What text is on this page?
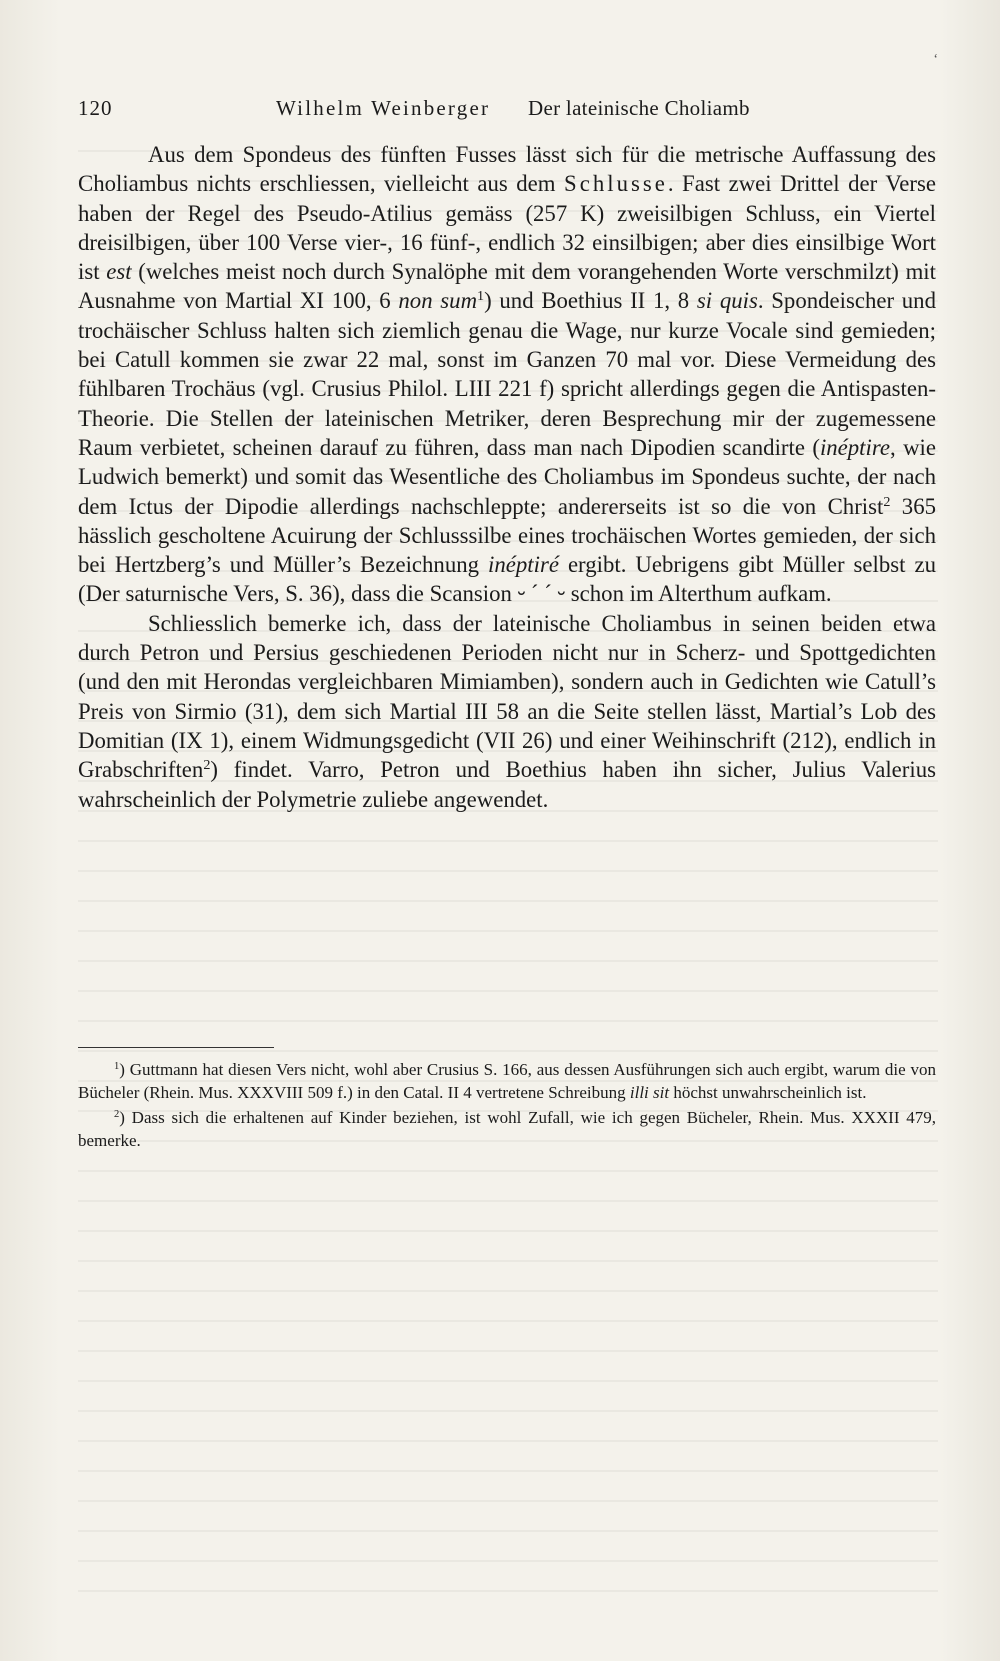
‘
120	Wilhelm Weinberger Der lateinische Choliamb

Aus dem Spondeus des fünften Fusses lässt sich für die metrische Auffassung des Choliambus nichts erschliessen, vielleicht aus dem Schlusse. Fast zwei Drittel der Verse haben der Regel des Pseudo-Atilius gemäss (257 K) zweisilbigen Schluss, ein Viertel dreisilbigen, über 100 Verse vier-, 16 fünf-, endlich 32 einsilbigen; aber dies einsilbige Wort ist est (welches meist noch durch Synalöphe mit dem vorangehenden Worte verschmilzt) mit Ausnahme von Martial XI 100, 6 non sum$^1$) und Boethius II 1, 8 si quis. Spondeischer und trochäischer Schluss halten sich ziemlich genau die Wage, nur kurze Vocale sind gemieden; bei Catull kommen sie zwar 22 mal, sonst im Ganzen 70 mal vor. Diese Vermeidung des fühlbaren Trochäus (vgl. Crusius Philol. LIII 221 f) spricht allerdings gegen die Antispasten-Theorie. Die Stellen der lateinischen Metriker, deren Besprechung mir der zugemessene Raum verbietet, scheinen darauf zu führen, dass man nach Dipodien scandirte (inéptire, wie Ludwich bemerkt) und somit das Wesentliche des Choliambus im Spondeus suchte, der nach dem Ictus der Dipodie allerdings nachschleppte; andererseits ist so die von Christ$^2$ 365 hässlich gescholtene Acuirung der Schlusssilbe eines trochäischen Wortes gemieden, der sich bei Hertzberg’s und Müller’s Bezeichnung inéptiré ergibt. Uebrigens gibt Müller selbst zu (Der saturnische Vers, S. 36), dass die Scansion ⏑ ´ ´ ⏑ schon im Alterthum aufkam.

Schliesslich bemerke ich, dass der lateinische Choliambus in seinen beiden etwa durch Petron und Persius geschiedenen Perioden nicht nur in Scherz- und Spottgedichten (und den mit Herondas vergleichbaren Mimiamben), sondern auch in Gedichten wie Catull’s Preis von Sirmio (31), dem sich Martial III 58 an die Seite stellen lässt, Martial’s Lob des Domitian (IX 1), einem Widmungsgedicht (VII 26) und einer Weihinschrift (212), endlich in Grabschriften$^2$) findet. Varro, Petron und Boethius haben ihn sicher, Julius Valerius wahrscheinlich der Polymetrie zuliebe angewendet.

$^1$) Guttmann hat diesen Vers nicht, wohl aber Crusius S. 166, aus dessen Ausführungen sich auch ergibt, warum die von Bücheler (Rhein. Mus. XXXVIII 509 f.) in den Catal. II 4 vertretene Schreibung illi sit höchst unwahrscheinlich ist.

$^2$) Dass sich die erhaltenen auf Kinder beziehen, ist wohl Zufall, wie ich gegen Bücheler, Rhein. Mus. XXXII 479, bemerke.
